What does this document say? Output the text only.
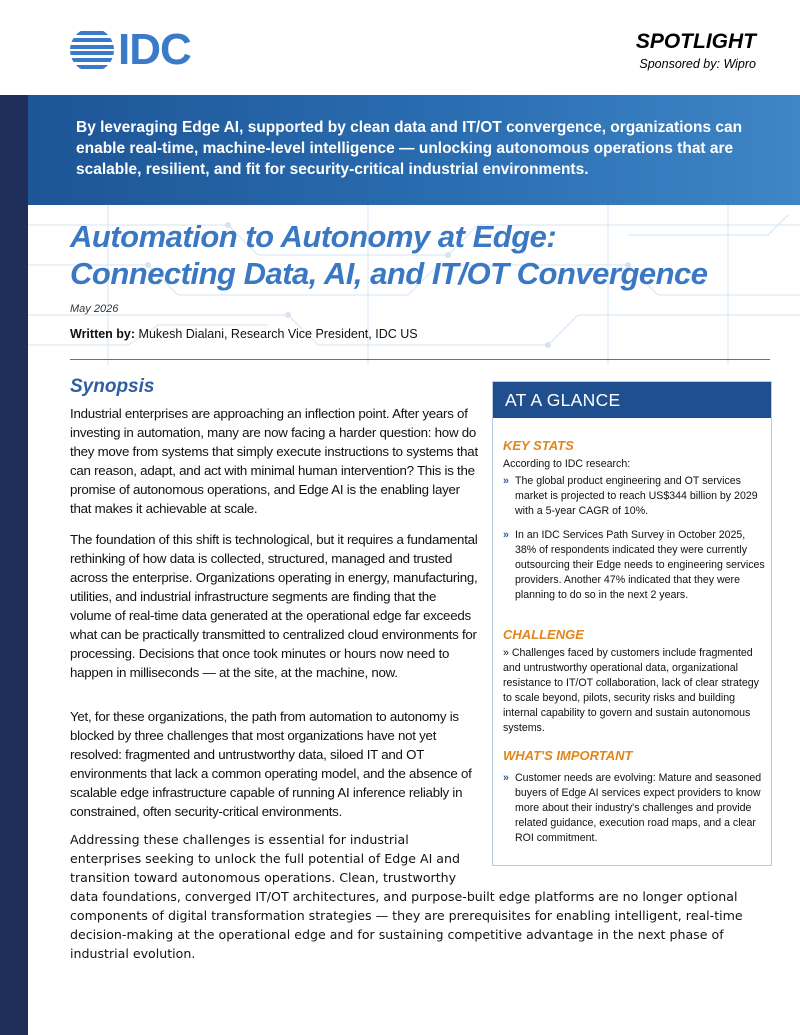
IDC	SPOTLIGHT
Sponsored by: Wipro
By leveraging Edge AI, supported by clean data and IT/OT convergence, organizations can enable real-time, machine-level intelligence — unlocking autonomous operations that are scalable, resilient, and fit for security-critical industrial environments.
Automation to Autonomy at Edge:
Connecting Data, AI, and IT/OT Convergence
May 2026
Written by: Mukesh Dialani, Research Vice President, IDC US
Synopsis

Industrial enterprises are approaching an inflection point. After years of investing in automation, many are now facing a harder question: how do they move from systems that simply execute instructions to systems that can reason, adapt, and act with minimal human intervention? This is the promise of autonomous operations, and Edge AI is the enabling layer that makes it achievable at scale.

The foundation of this shift is technological, but it requires a fundamental rethinking of how data is collected, structured, managed and trusted across the enterprise. Organizations operating in energy, manufacturing, utilities, and industrial infrastructure segments are finding that the volume of real-time data generated at the operational edge far exceeds what can be practically transmitted to centralized cloud environments for processing. Decisions that once took minutes or hours now need to happen in milliseconds — at the site, at the machine, now.

Yet, for these organizations, the path from automation to autonomy is blocked by three challenges that most organizations have not yet resolved: fragmented and untrustworthy data, siloed IT and OT environments that lack a common operating model, and the absence of scalable edge infrastructure capable of running AI inference reliably in constrained, often security-critical environments.

Addressing these challenges is essential for industrial enterprises seeking to unlock the full potential of Edge AI and transition toward autonomous operations. Clean, trustworthy
data foundations, converged IT/OT architectures, and purpose-built edge platforms are no longer optional components of digital transformation strategies — they are prerequisites for enabling intelligent, real-time decision-making at the operational edge and for sustaining competitive advantage in the next phase of industrial evolution.

AT A GLANCE
KEY STATS
According to IDC research:
» The global product engineering and OT services market is projected to reach US$344 billion by 2029 with a 5-year CAGR of 10%.
» In an IDC Services Path Survey in October 2025, 38% of respondents indicated they were currently outsourcing their Edge needs to engineering services providers. Another 47% indicated that they were planning to do so in the next 2 years.
CHALLENGE
» Challenges faced by customers include fragmented and untrustworthy operational data, organizational resistance to IT/OT collaboration, lack of clear strategy to scale beyond, pilots, security risks and building internal capability to govern and sustain autonomous systems.
WHAT'S IMPORTANT
» Customer needs are evolving: Mature and seasoned buyers of Edge AI services expect providers to know more about their industry's challenges and provide related guidance, execution road maps, and a clear ROI commitment.
